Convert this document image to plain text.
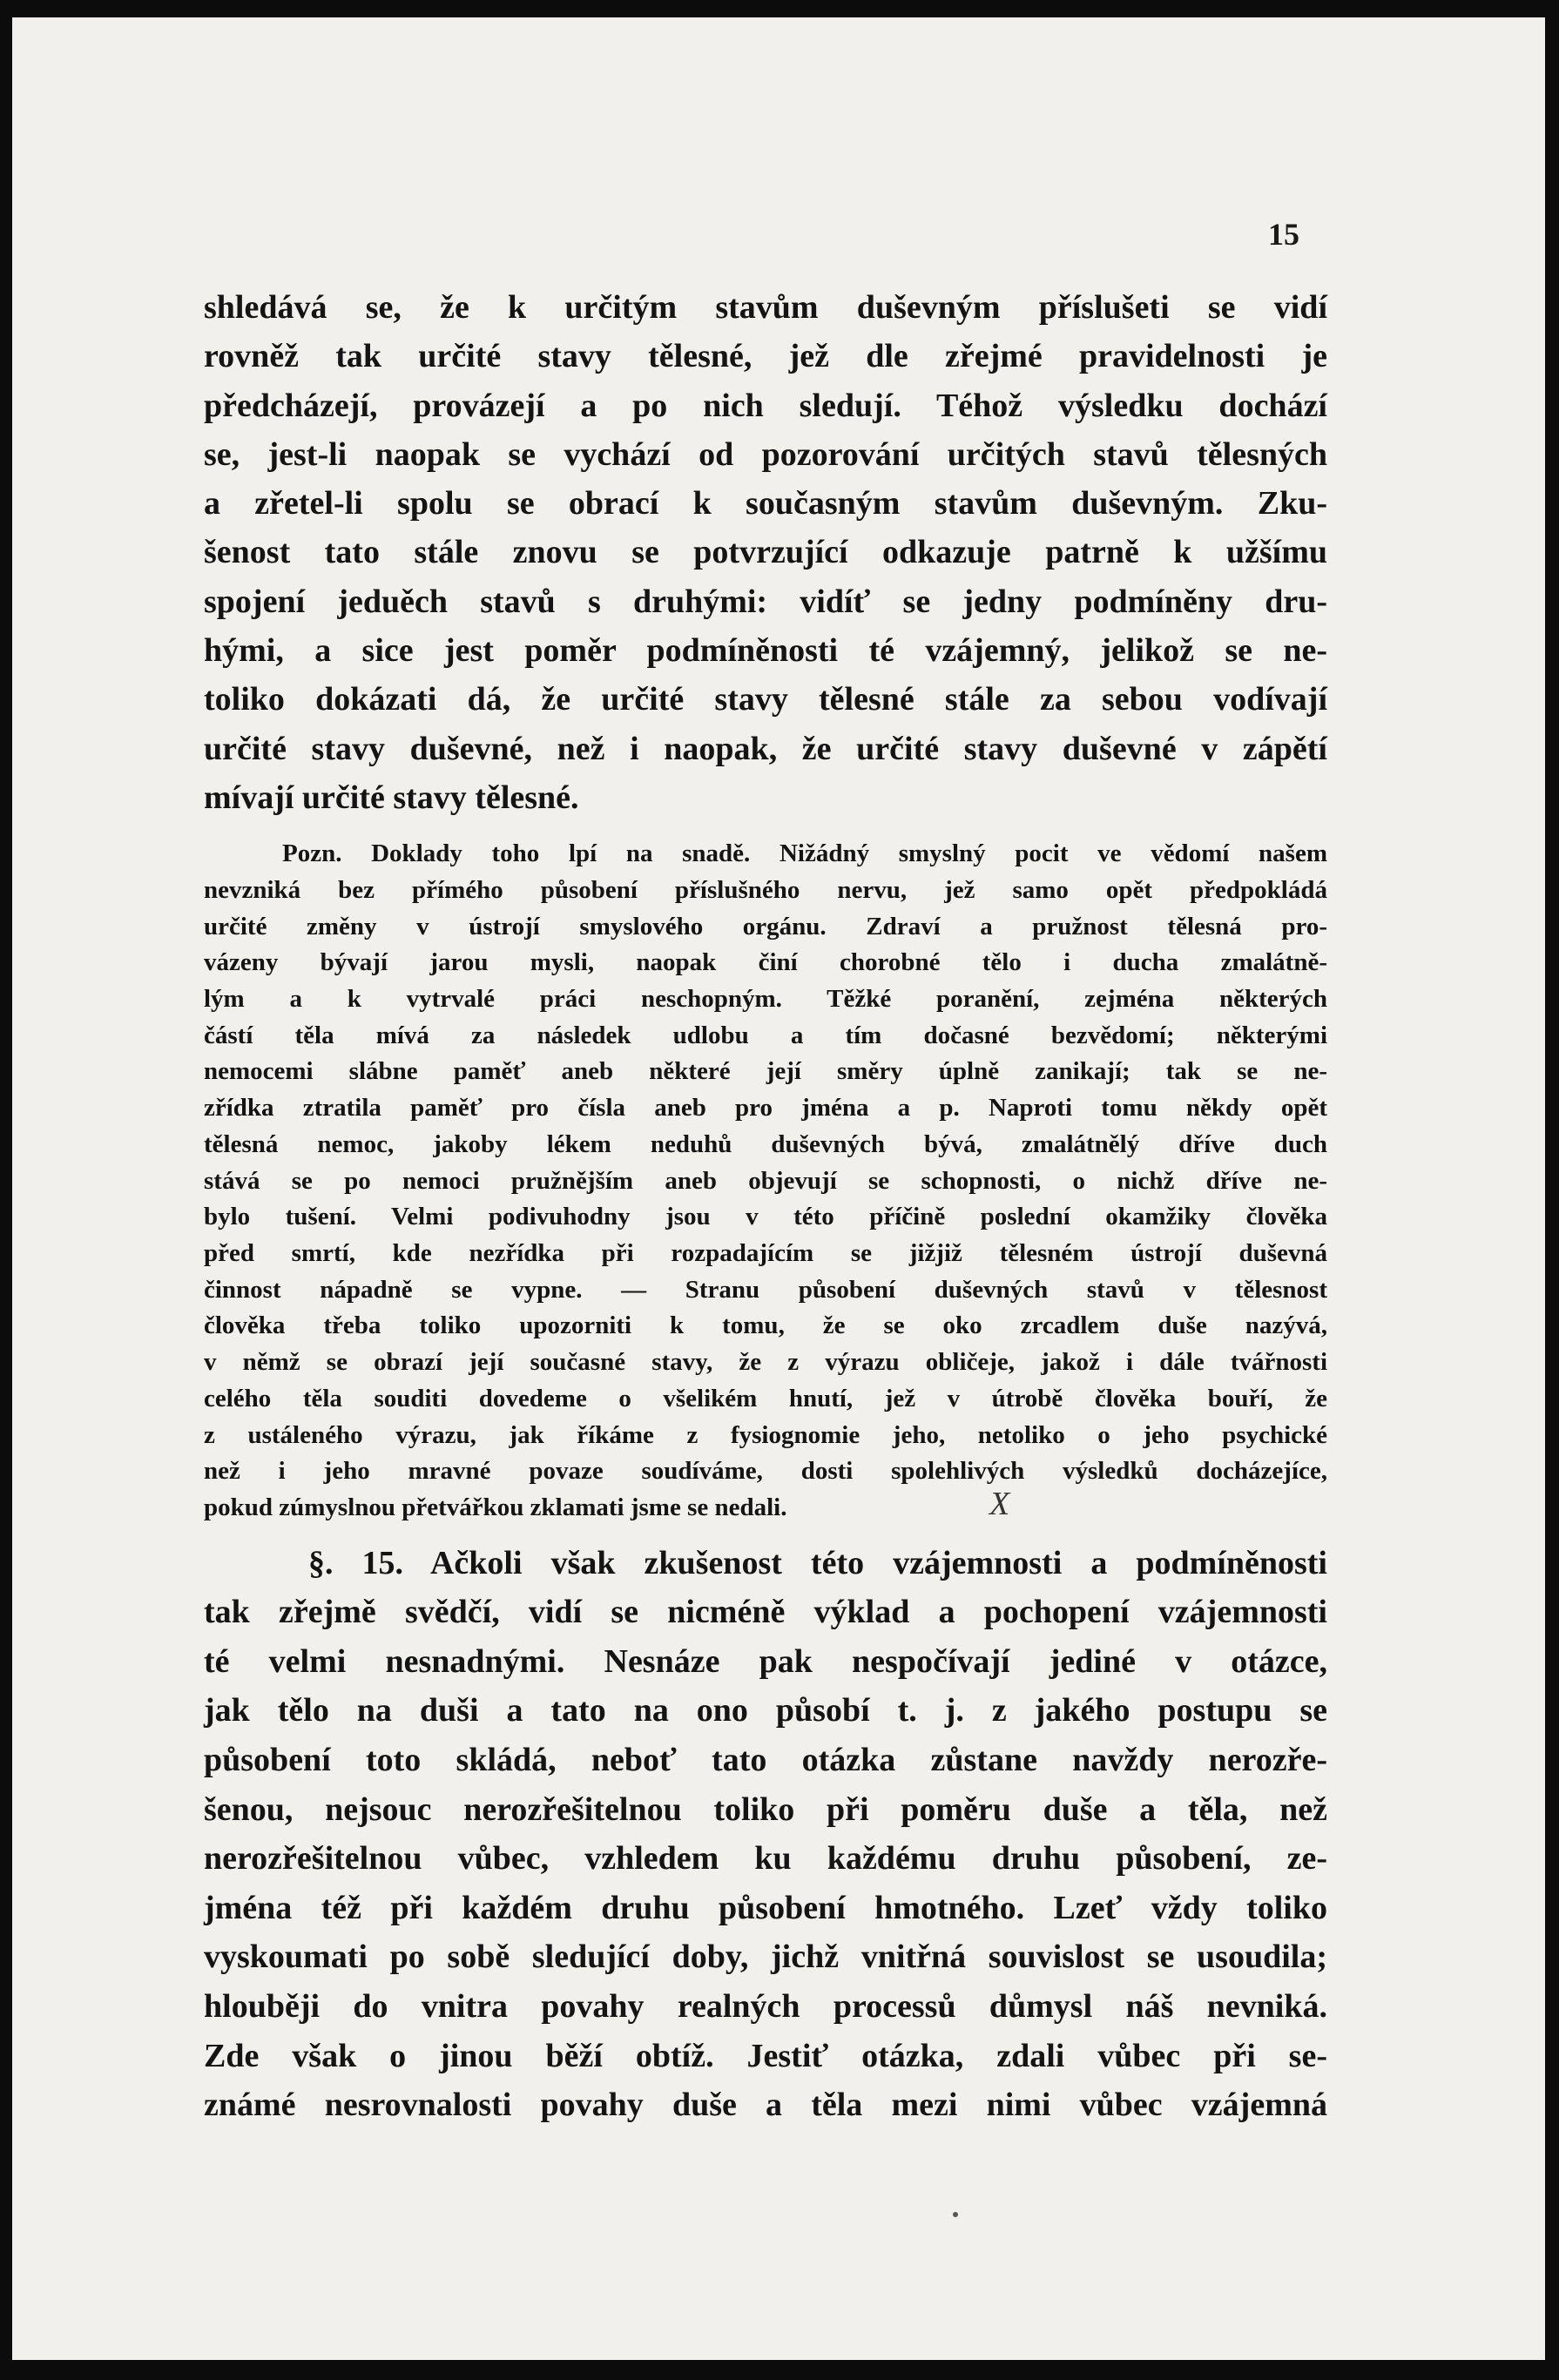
15

shledává se, že k určitým stavům duševným příslušeti se vidí

rovněž tak určité stavy tělesné, jež dle zřejmé pravidelnosti je

předcházejí, provázejí a po nich sledují. Téhož výsledku dochází

se, jest-li naopak se vychází od pozorování určitých stavů tělesných

a zřetel-li spolu se obrací k současným stavům duševným. Zku-

šenost tato stále znovu se potvrzující odkazuje patrně k užšímu

spojení jeduěch stavů s druhými: vidíť se jedny podmíněny dru-

hými, a sice jest poměr podmíněnosti té vzájemný, jelikož se ne-

toliko dokázati dá, že určité stavy tělesné stále za sebou vodívají

určité stavy duševné, než i naopak, že určité stavy duševné v zápětí

mívají určité stavy tělesné.

Pozn. Doklady toho lpí na snadě. Nižádný smyslný pocit ve vědomí našem

nevzniká bez přímého působení příslušného nervu, jež samo opět předpokládá

určité změny v ústrojí smyslového orgánu. Zdraví a pružnost tělesná pro-

vázeny bývají jarou mysli, naopak činí chorobné tělo i ducha zmalátně-

lým a k vytrvalé práci neschopným. Těžké poranění, zejména některých

částí těla mívá za následek udlobu a tím dočasné bezvědomí; některými

nemocemi slábne paměť aneb některé její směry úplně zanikají; tak se ne-

zřídka ztratila paměť pro čísla aneb pro jména a p. Naproti tomu někdy opět

tělesná nemoc, jakoby lékem neduhů duševných bývá, zmalátnělý dříve duch

stává se po nemoci pružnějším aneb objevují se schopnosti, o nichž dříve ne-

bylo tušení. Velmi podivuhodny jsou v této příčině poslední okamžiky člověka

před smrtí, kde nezřídka při rozpadajícím se jižjiž tělesném ústrojí duševná

činnost nápadně se vypne. — Stranu působení duševných stavů v tělesnost

člověka třeba toliko upozorniti k tomu, že se oko zrcadlem duše nazývá,

v němž se obrazí její současné stavy, že z výrazu obličeje, jakož i dále tvářnosti

celého těla souditi dovedeme o všelikém hnutí, jež v útrobě člověka bouří, že

z ustáleného výrazu, jak říkáme z fysiognomie jeho, netoliko o jeho psychické

než i jeho mravné povaze soudíváme, dosti spolehlivých výsledků docházejíce,

pokud zúmyslnou přetvářkou zklamati jsme se nedali.

§. 15. Ačkoli však zkušenost této vzájemnosti a podmíněnosti

tak zřejmě svědčí, vidí se nicméně výklad a pochopení vzájemnosti

té velmi nesnadnými. Nesnáze pak nespočívají jediné v otázce,

jak tělo na duši a tato na ono působí t. j. z jakého postupu se

působení toto skládá, neboť tato otázka zůstane navždy nerozře-

šenou, nejsouc nerozřešitelnou toliko při poměru duše a těla, než

nerozřešitelnou vůbec, vzhledem ku každému druhu působení, ze-

jména též při každém druhu působení hmotného. Lzeť vždy toliko

vyskoumati po sobě sledující doby, jichž vnitřná souvislost se usoudila;

hlouběji do vnitra povahy realných processů důmysl náš nevniká.

Zde však o jinou běží obtíž. Jestiť otázka, zdali vůbec při se-

známé nesrovnalosti povahy duše a těla mezi nimi vůbec vzájemná

X
